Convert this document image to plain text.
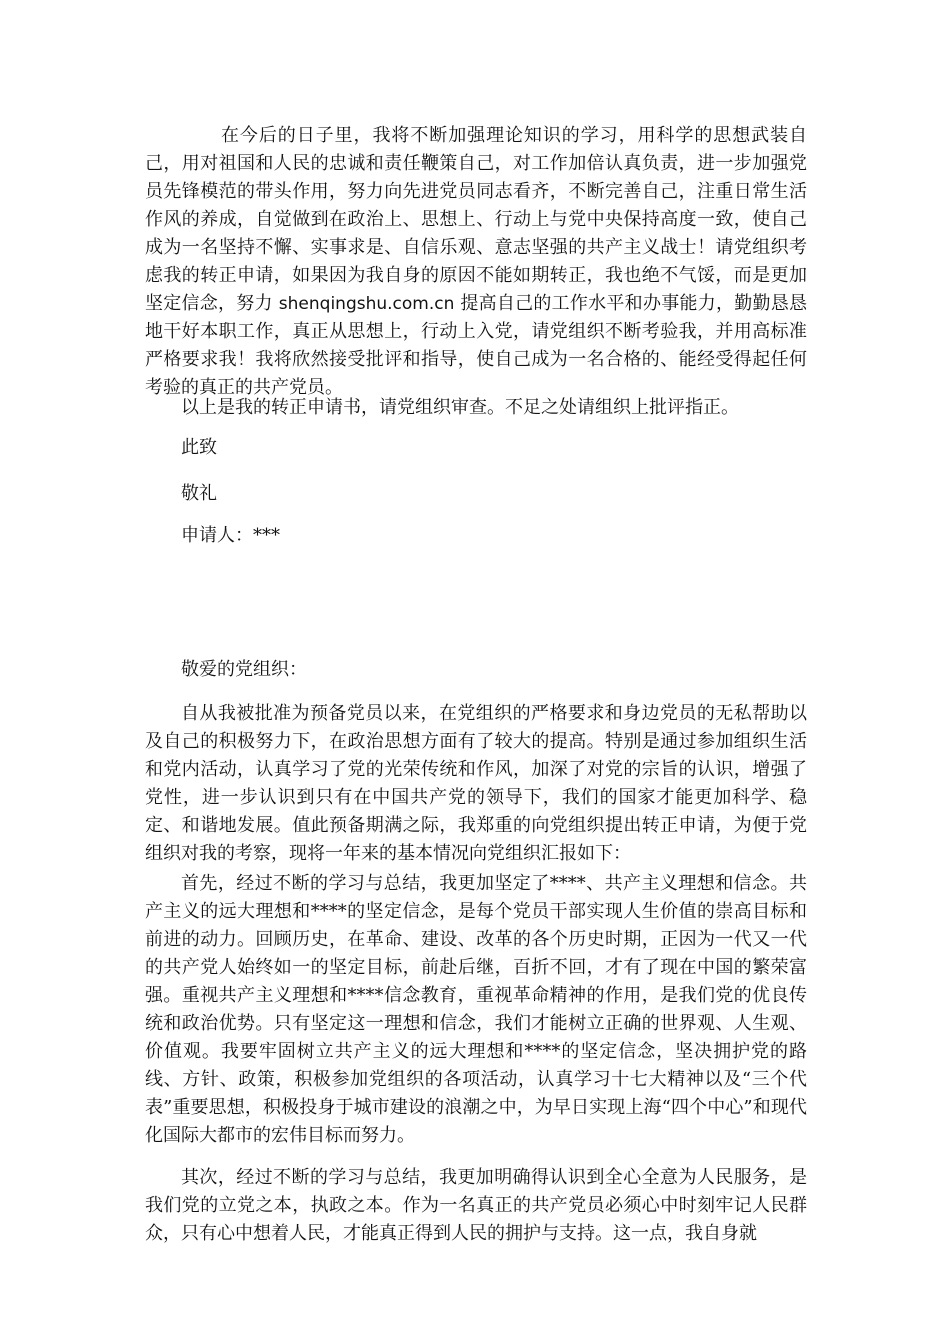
在今后的日子里，我将不断加强理论知识的学习，用科学的思想武装自己，用对祖国和人民的忠诚和责任鞭策自己，对工作加倍认真负责，进一步加强党员先锋模范的带头作用，努力向先进党员同志看齐，不断完善自己，注重日常生活作风的养成，自觉做到在政治上、思想上、行动上与党中央保持高度一致，使自己成为一名坚持不懈、实事求是、自信乐观、意志坚强的共产主义战士！请党组织考虑我的转正申请，如果因为我自身的原因不能如期转正，我也绝不气馁，而是更加坚定信念，努力 shenqingshu.com.cn 提高自己的工作水平和办事能力，勤勤恳恳地干好本职工作，真正从思想上，行动上入党，请党组织不断考验我，并用高标准严格要求我！我将欣然接受批评和指导，使自己成为一名合格的、能经受得起任何考验的真正的共产党员。

以上是我的转正申请书，请党组织审查。不足之处请组织上批评指正。

此致

敬礼

申请人：***

敬爱的党组织：

自从我被批准为预备党员以来，在党组织的严格要求和身边党员的无私帮助以及自己的积极努力下，在政治思想方面有了较大的提高。特别是通过参加组织生活和党内活动，认真学习了党的光荣传统和作风，加深了对党的宗旨的认识，增强了党性，进一步认识到只有在中国共产党的领导下，我们的国家才能更加科学、稳定、和谐地发展。值此预备期满之际，我郑重的向党组织提出转正申请，为便于党组织对我的考察，现将一年来的基本情况向党组织汇报如下：

首先，经过不断的学习与总结，我更加坚定了****、共产主义理想和信念。共产主义的远大理想和****的坚定信念，是每个党员干部实现人生价值的崇高目标和前进的动力。回顾历史，在革命、建设、改革的各个历史时期，正因为一代又一代的共产党人始终如一的坚定目标，前赴后继，百折不回，才有了现在中国的繁荣富强。重视共产主义理想和****信念教育，重视革命精神的作用，是我们党的优良传统和政治优势。只有坚定这一理想和信念，我们才能树立正确的世界观、人生观、价值观。我要牢固树立共产主义的远大理想和****的坚定信念，坚决拥护党的路线、方针、政策，积极参加党组织的各项活动，认真学习十七大精神以及“三个代表”重要思想，积极投身于城市建设的浪潮之中，为早日实现上海“四个中心”和现代化国际大都市的宏伟目标而努力。

其次，经过不断的学习与总结，我更加明确得认识到全心全意为人民服务，是我们党的立党之本，执政之本。作为一名真正的共产党员必须心中时刻牢记人民群众，只有心中想着人民，才能真正得到人民的拥护与支持。这一点，我自身就
